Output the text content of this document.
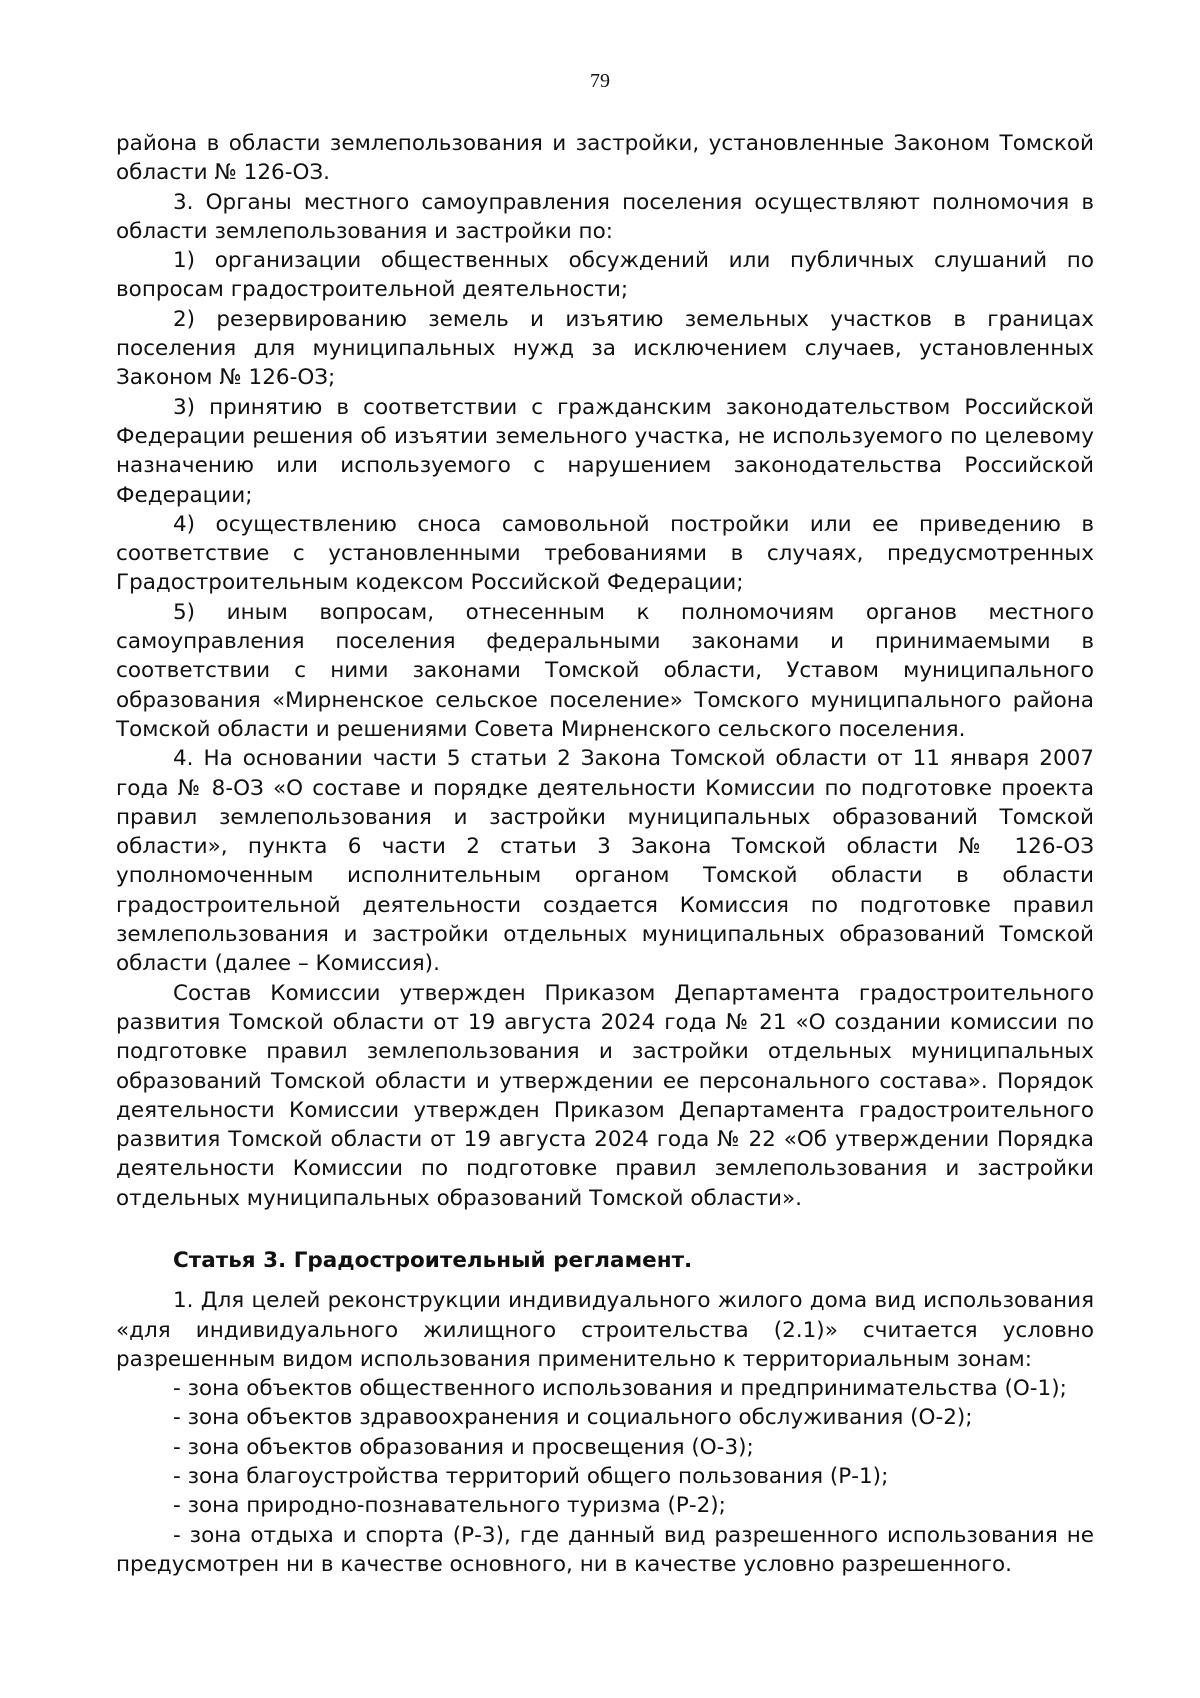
79

района в области землепользования и застройки, установленные Законом Томской области № 126-ОЗ.

3. Органы местного самоуправления поселения осуществляют полномочия в области землепользования и застройки по:

1) организации общественных обсуждений или публичных слушаний по вопросам градостроительной деятельности;

2) резервированию земель и изъятию земельных участков в границах поселения для муниципальных нужд за исключением случаев, установленных Законом № 126-ОЗ;

3) принятию в соответствии с гражданским законодательством Российской Федерации решения об изъятии земельного участка, не используемого по целевому назначению или используемого с нарушением законодательства Российской Федерации;

4) осуществлению сноса самовольной постройки или ее приведению в соответствие с установленными требованиями в случаях, предусмотренных Градостроительным кодексом Российской Федерации;

5) иным вопросам, отнесенным к полномочиям органов местного самоуправления поселения федеральными законами и принимаемыми в соответствии с ними законами Томской области, Уставом муниципального образования «Мирненское сельское поселение» Томского муниципального района Томской области и решениями Совета Мирненского сельского поселения.

4. На основании части 5 статьи 2 Закона Томской области от 11 января 2007 года № 8-ОЗ «О составе и порядке деятельности Комиссии по подготовке проекта правил землепользования и застройки муниципальных образований Томской области», пункта 6 части 2 статьи 3 Закона Томской области № 126-ОЗ уполномоченным исполнительным органом Томской области в области градостроительной деятельности создается Комиссия по подготовке правил землепользования и застройки отдельных муниципальных образований Томской области (далее – Комиссия).

Состав Комиссии утвержден Приказом Департамента градостроительного развития Томской области от 19 августа 2024 года № 21 «О создании комиссии по подготовке правил землепользования и застройки отдельных муниципальных образований Томской области и утверждении ее персонального состава». Порядок деятельности Комиссии утвержден Приказом Департамента градостроительного развития Томской области от 19 августа 2024 года № 22 «Об утверждении Порядка деятельности Комиссии по подготовке правил землепользования и застройки отдельных муниципальных образований Томской области».

Статья 3. Градостроительный регламент.

1. Для целей реконструкции индивидуального жилого дома вид использования «для индивидуального жилищного строительства (2.1)» считается условно разрешенным видом использования применительно к территориальным зонам:

- зона объектов общественного использования и предпринимательства (О-1);

- зона объектов здравоохранения и социального обслуживания (О-2);

- зона объектов образования и просвещения (О-3);

- зона благоустройства территорий общего пользования (Р-1);

- зона природно-познавательного туризма (Р-2);

- зона отдыха и спорта (Р-3), где данный вид разрешенного использования не предусмотрен ни в качестве основного, ни в качестве условно разрешенного.
